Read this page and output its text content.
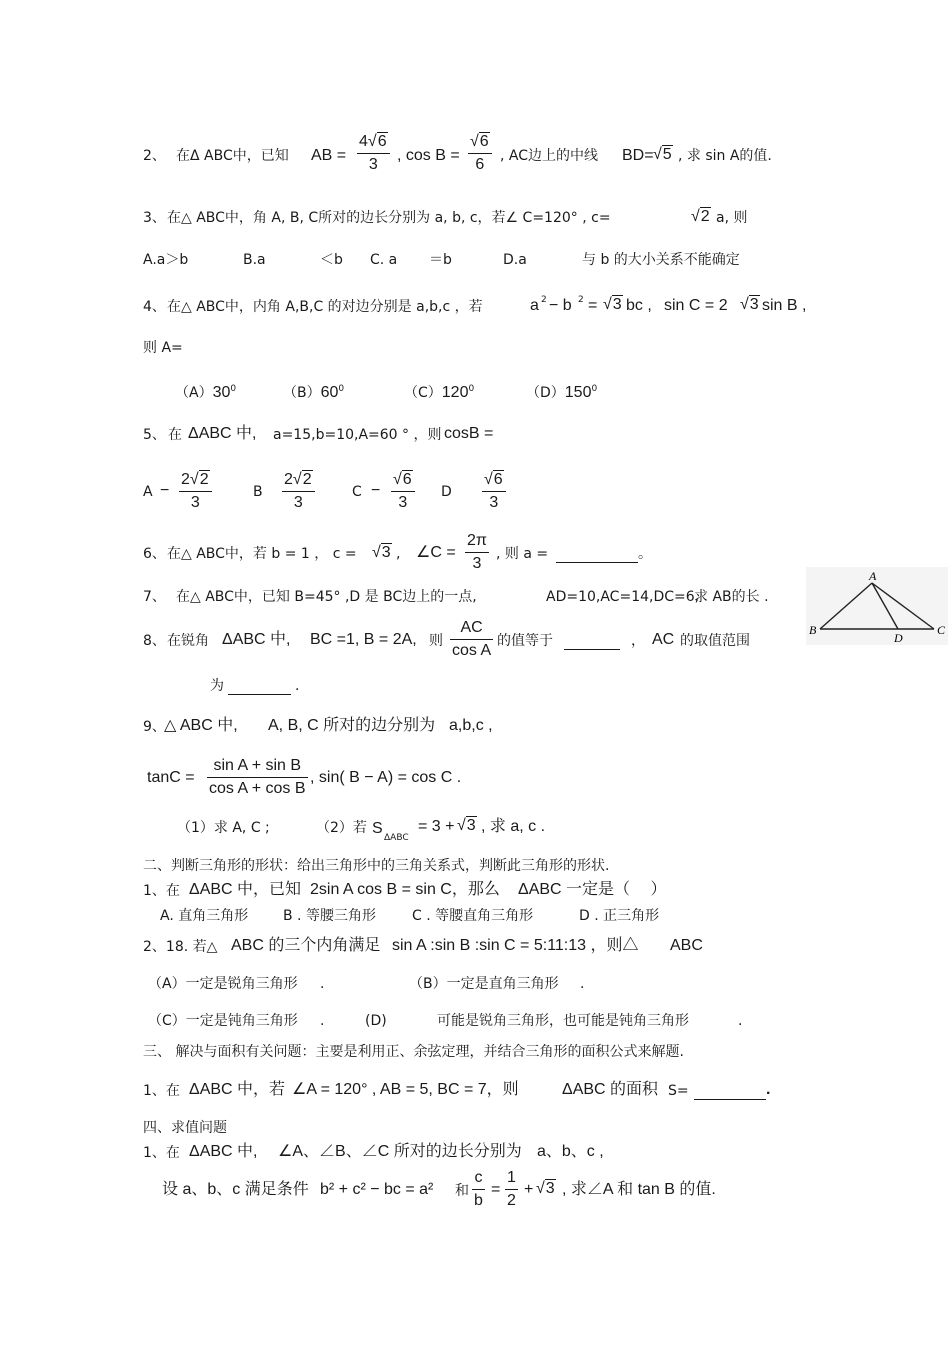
2、 在Δ ABC中，已知 AB = $\frac{4√6}{3}$ , $\cos B = \frac{√6}{6}$ , AC边上的中线 BD= √5 , 求 sin A的值.
3、 在△ ABC中，角 A, B, C所对的边长分别为 a, b, c，若∠ C=120° , c=	√2 a, 则
A.a＞b	B.a	＜b C. a ＝b	D.a	与 b 的大小关系不能确定
4、 在△ ABC中，内角 A,B,C 的对边分别是 a,b,c ，若	a 2 − b 2 = √3 bc , sin C = 2 √3 sin B ,
则 A=
$(A)30^0$	$(B)60^0$	$(C)120^0$	$(D)150^0$
5、 在 ΔABC 中, a=15,b=10,A=60 ° ，则 cosB =
$A - \frac{2√2}{3}$	B $\frac{2√2}{3}$	$C - \frac{√6}{3}$ D $\frac{√6}{3}$
6、 在△ ABC中，若 b = 1 ， c = √3 , ∠C = $\frac{2\pi}{3}$ , 则 a =	。
7、 在△ ABC中，已知 B=45° ,D 是 BC边上的一点,	AD=10,AC=14,DC=6,
求 AB的长 .
A
B	C
D
8、 在锐角 ΔABC 中, BC =1, B = 2A, 则 $\frac{AC}{\text{cos A}}$ 的值等于	， AC 的取值范围
为	.
9、
△ ABC 中, A, B, C 所对的边分别为 a,b,c ,
$\tan C = \frac{\text{sin A + sin B}}{\text{cos A + cos B}}$ , sin( B − A) = cos C .
（1）求 A, C ;	（2）若 S
ΔABC
= 3 + √3 , 求 a, c .
二、判断三角形的形状：给出三角形中的三角关系式，判断此三角形的形状.
1、在 ΔABC 中，已知 2sin A cos B = sin C，那么 ΔABC 一定是（　 ）
A. 直角三角形 B . 等腰三角形	C . 等腰直角三角形	D . 正三角形
2、18. 若△ ABC 的三个内角满足 sin A :sin B :sin C = 5:11:13 ，则△ ABC
（A）一定是锐角三角形 .	（B）一定是直角三角形 .
（C）一定是钝角三角形 .	(D)	可能是锐角三角形，也可能是钝角三角形	.
三、 解决与面积有关问题：主要是利用正、余弦定理，并结合三角形的面积公式来解题.
1、在 ΔABC 中，若 ∠A = 120° , AB = 5, BC = 7，则	ΔABC 的面积 S=	.
四、求值问题
1、在 ΔABC 中, ∠A、∠B、∠C 所对的边长分别为 a、b、c ,
设 a、b、c 满足条件 b² + c² − bc = a² 和 $\frac{c}{b} = \frac{1}{2} + √3$ , 求∠A 和 tan B 的值.
